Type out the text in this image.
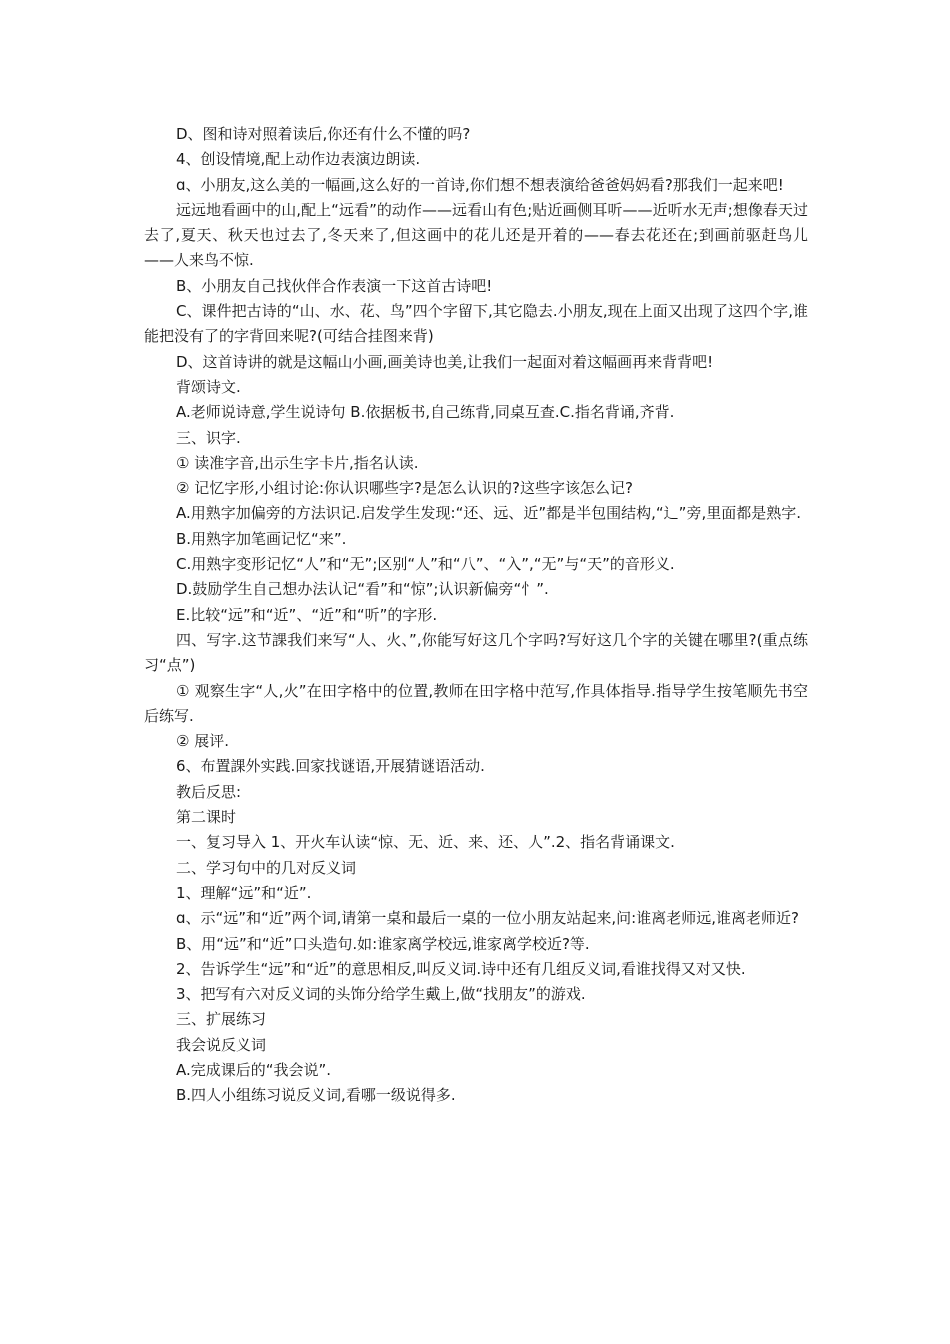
D、图和诗对照着读后,你还有什么不懂的吗?

4、创设情境,配上动作边表演边朗读.

ɑ、小朋友,这么美的一幅画,这么好的一首诗,你们想不想表演给爸爸妈妈看?那我们一起来吧!

远远地看画中的山,配上“远看”的动作——远看山有色;贴近画侧耳听——近听水无声;想像春天过去了,夏天、秋天也过去了,冬天来了,但这画中的花儿还是开着的——春去花还在;到画前驱赶鸟儿——人来鸟不惊.

B、小朋友自己找伙伴合作表演一下这首古诗吧!

C、课件把古诗的“山、水、花、鸟”四个字留下,其它隐去.小朋友,现在上面又出现了这四个字,谁能把没有了的字背回来呢?(可结合挂图来背)

D、这首诗讲的就是这幅山小画,画美诗也美,让我们一起面对着这幅画再来背背吧!

背颂诗文.

A.老师说诗意,学生说诗句 B.依据板书,自己练背,同桌互查.C.指名背诵,齐背.

三、识字.

① 读准字音,出示生字卡片,指名认读.

② 记忆字形,小组讨论:你认识哪些字?是怎么认识的?这些字该怎么记?

A.用熟字加偏旁的方法识记.启发学生发现:“还、远、近”都是半包围结构,“辶”旁,里面都是熟字.

B.用熟字加笔画记忆“来”.

C.用熟字变形记忆“人”和“无”;区别“人”和“八”、“入”,“无”与“天”的音形义.

D.鼓励学生自己想办法认记“看”和“惊”;认识新偏旁“忄”.

E.比较“远”和“近”、“近”和“听”的字形.

四、写字.这节課我们来写“人、火、”,你能写好这几个字吗?写好这几个字的关键在哪里?(重点练习“点”)

① 观察生字“人,火”在田字格中的位置,教师在田字格中范写,作具体指导.指导学生按笔顺先书空后练写.

② 展评.

6、布置課外实践.回家找谜语,开展猜谜语活动.

教后反思:

第二课时

一、复习导入 1、开火车认读“惊、无、近、来、还、人”.2、指名背诵课文.

二、学习句中的几对反义词

1、理解“远”和“近”.

ɑ、示“远”和“近”两个词,请第一桌和最后一桌的一位小朋友站起来,问:谁离老师远,谁离老师近?

B、用“远”和“近”口头造句.如:谁家离学校远,谁家离学校近?等.

2、告诉学生“远”和“近”的意思相反,叫反义词.诗中还有几组反义词,看谁找得又对又快.

3、把写有六对反义词的头饰分给学生戴上,做“找朋友”的游戏.

三、扩展练习

我会说反义词

A.完成课后的“我会说”.

B.四人小组练习说反义词,看哪一级说得多.
